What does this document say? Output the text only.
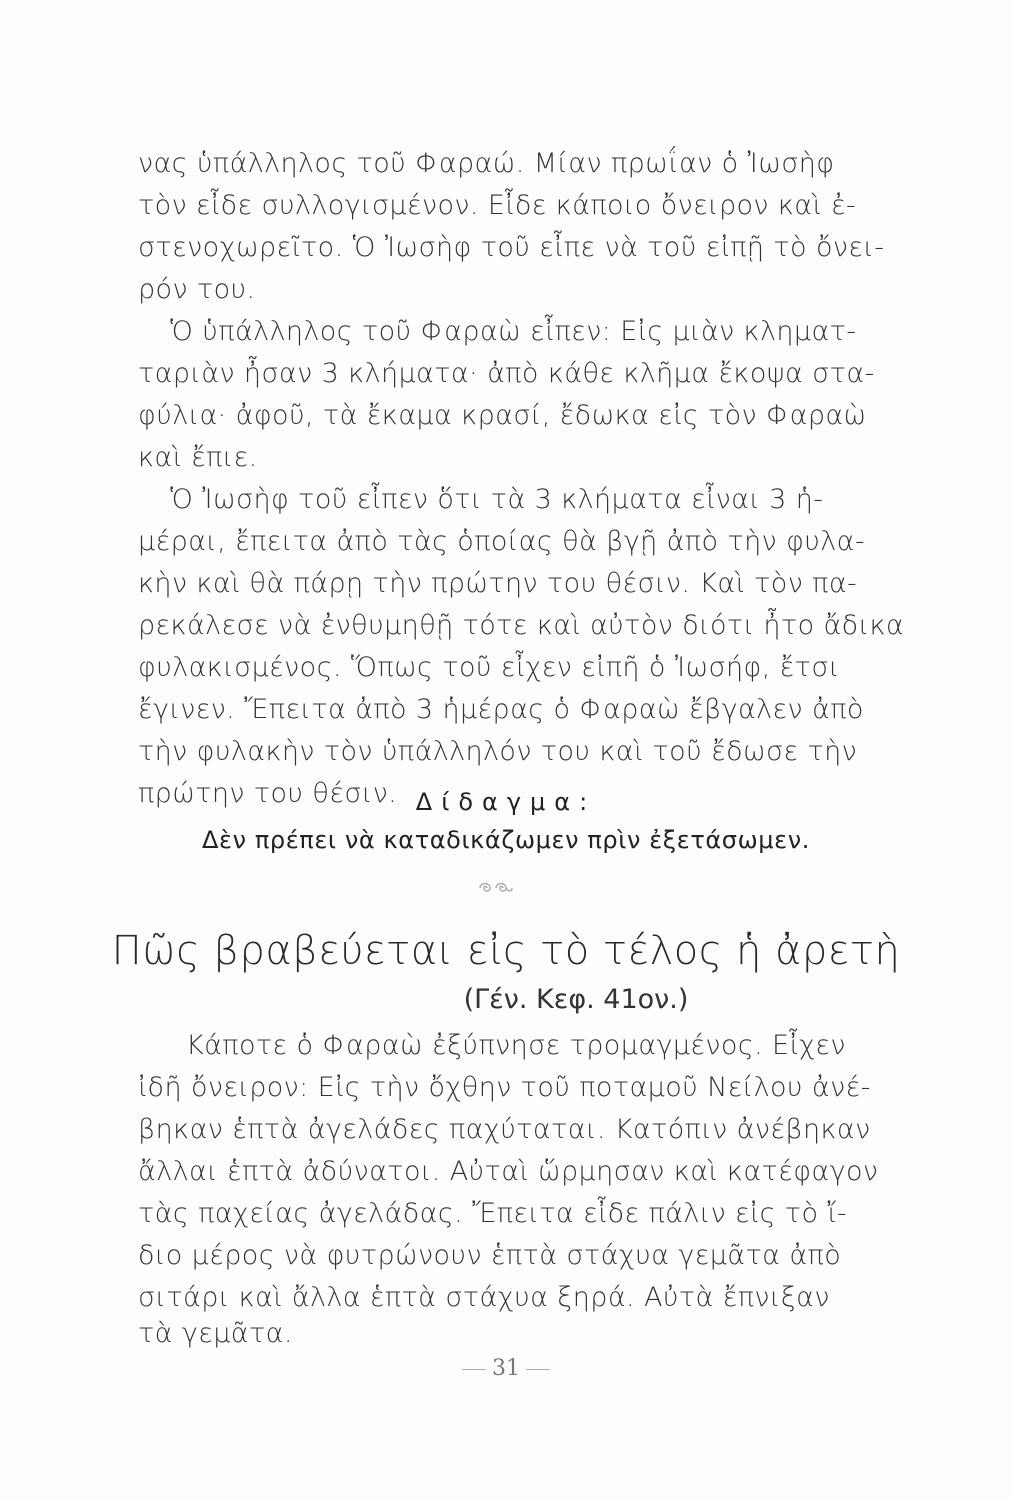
νας ὑπάλληλος τοῦ Φαραώ. Μίαν πρωΐαν ὁ Ἰωσὴφ
τὸν εἶδε συλλογισμένον. Εἶδε κάποιο ὄνειρον καὶ ἐ-
στενοχωρεῖτο. Ὁ Ἰωσὴφ τοῦ εἶπε νὰ τοῦ εἰπῇ τὸ ὄνει-
ρόν του.
Ὁ ὑπάλληλος τοῦ Φαραὼ εἶπεν: Εἰς μιὰν κληματ-
ταριὰν ἦσαν 3 κλήματα· ἀπὸ κάθε κλῆμα ἔκοψα στα-
φύλια· ἀφοῦ, τὰ ἔκαμα κρασί, ἔδωκα εἰς τὸν Φαραὼ
καὶ ἔπιε.
Ὁ Ἰωσὴφ τοῦ εἶπεν ὅτι τὰ 3 κλήματα εἶναι 3 ἡ-
μέραι, ἔπειτα ἀπὸ τὰς ὁποίας θὰ βγῇ ἀπὸ τὴν φυλα-
κὴν καὶ θὰ πάρῃ τὴν πρώτην του θέσιν. Καὶ τὸν πα-
ρεκάλεσε νὰ ἐνθυμηθῇ τότε καὶ αὐτὸν διότι ἦτο ἄδικα
φυλακισμένος. Ὅπως τοῦ εἶχεν εἰπῆ ὁ Ἰωσήφ, ἔτσι
ἔγινεν. Ἔπειτα ἀπὸ 3 ἡμέρας ὁ Φαραὼ ἔβγαλεν ἀπὸ
τὴν φυλακὴν τὸν ὑπάλληλόν του καὶ τοῦ ἔδωσε τὴν
πρώτην του θέσιν. Δίδαγμα:
Δὲν πρέπει νὰ καταδικάζωμεν πρὶν ἐξετάσωμεν.
Πῶς βραβεύεται εἰς τὸ τέλος ἡ ἀρετὴ
(Γέν. Κεφ. 41ον.)
Κάποτε ὁ Φαραὼ ἐξύπνησε τρομαγμένος. Εἶχεν
ἰδῆ ὄνειρον: Εἰς τὴν ὄχθην τοῦ ποταμοῦ Νείλου ἀνέ-
βηκαν ἑπτὰ ἀγελάδες παχύταται. Κατόπιν ἀνέβηκαν
ἄλλαι ἑπτὰ ἀδύνατοι. Αὐταὶ ὥρμησαν καὶ κατέφαγον
τὰς παχείας ἀγελάδας. Ἔπειτα εἶδε πάλιν εἰς τὸ ἴ-
διο μέρος νὰ φυτρώνουν ἑπτὰ στάχυα γεμᾶτα ἀπὸ
σιτάρι καὶ ἄλλα ἑπτὰ στάχυα ξηρά. Αὐτὰ ἔπνιξαν
τὰ γεμᾶτα.
31
